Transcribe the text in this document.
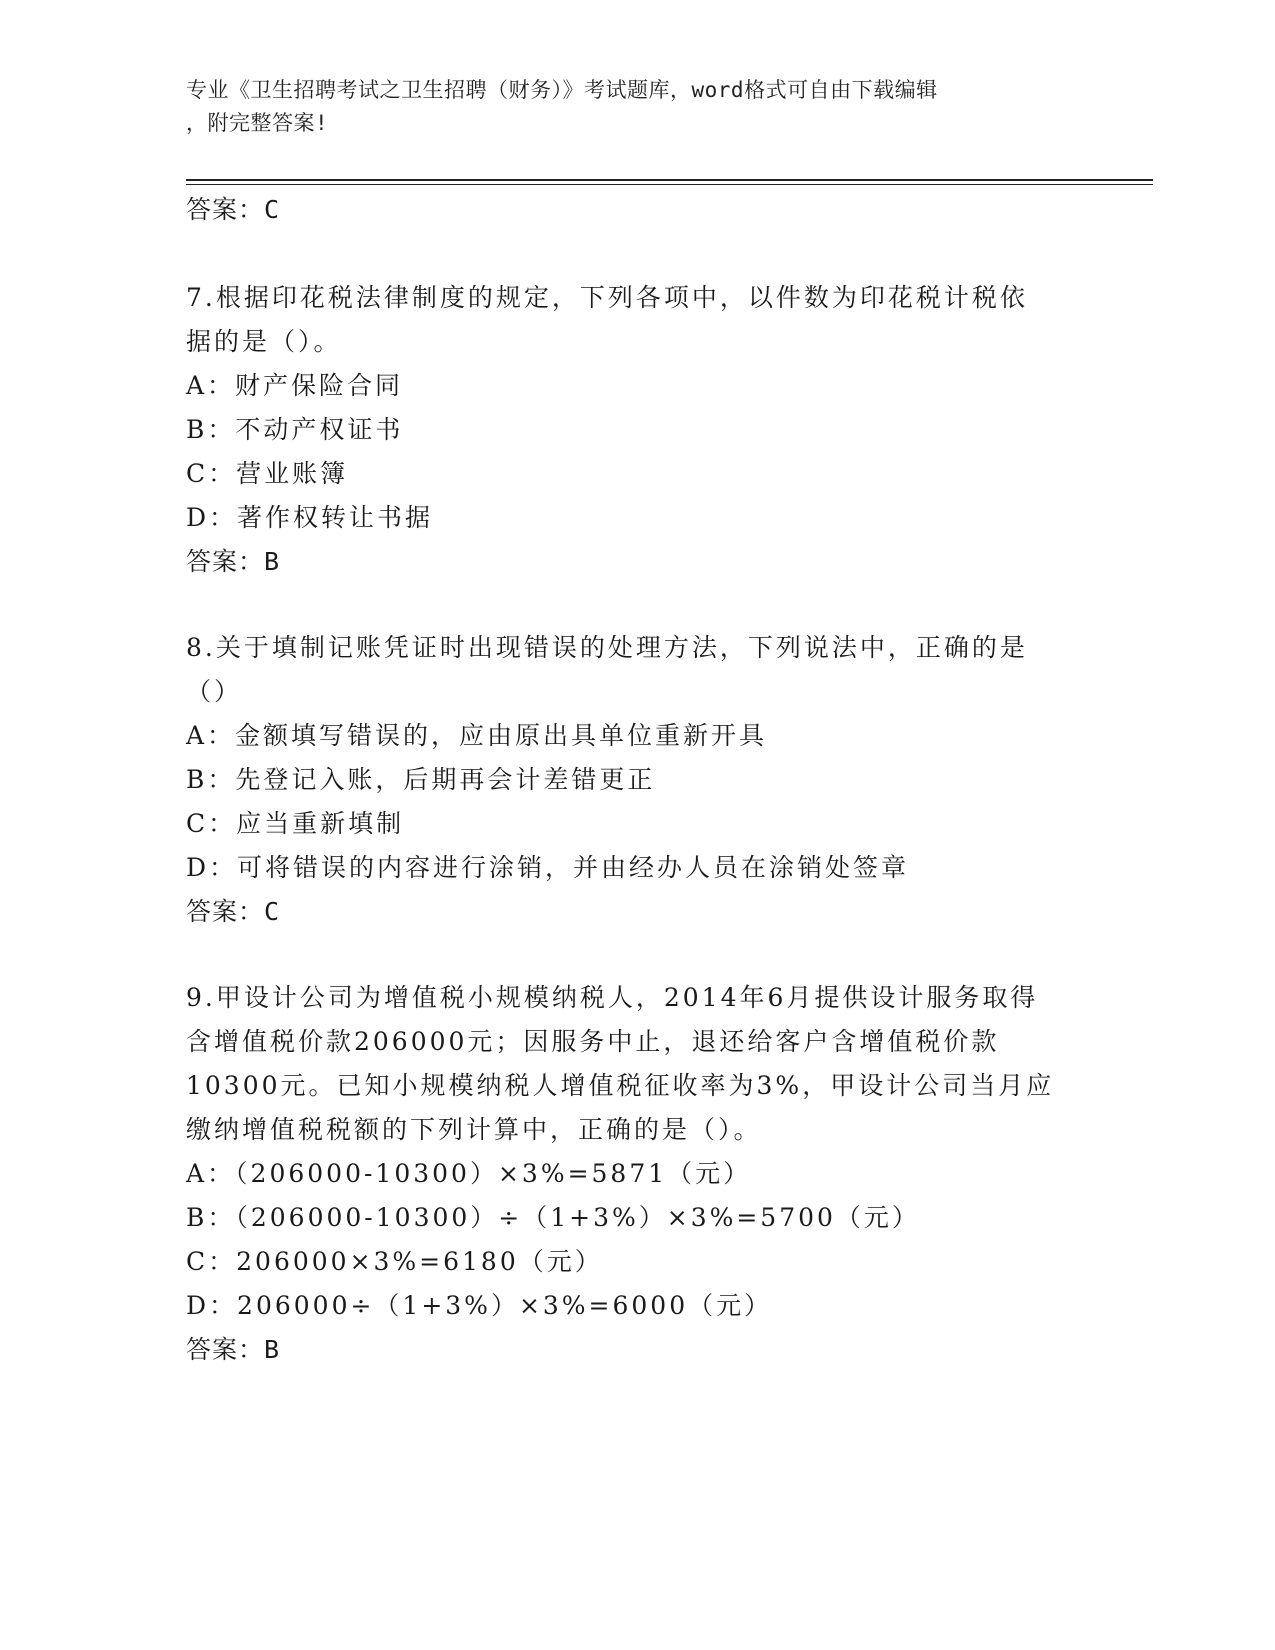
专业《卫生招聘考试之卫生招聘（财务）》考试题库，word格式可自由下载编辑
，附完整答案!
答案：C
7.根据印花税法律制度的规定，下列各项中，以件数为印花税计税依
据的是（）。
A：财产保险合同
B：不动产权证书
C：营业账簿
D：著作权转让书据
答案：B
8.关于填制记账凭证时出现错误的处理方法，下列说法中，正确的是
（）
A：金额填写错误的，应由原出具单位重新开具
B：先登记入账，后期再会计差错更正
C：应当重新填制
D：可将错误的内容进行涂销，并由经办人员在涂销处签章
答案：C
9.甲设计公司为增值税小规模纳税人，2014年6月提供设计服务取得
含增值税价款206000元；因服务中止，退还给客户含增值税价款
10300元。已知小规模纳税人增值税征收率为3%，甲设计公司当月应
缴纳增值税税额的下列计算中，正确的是（）。
A：（206000-10300）×3%=5871（元）
B：（206000-10300）÷（1+3%）×3%=5700（元）
C：206000×3%=6180（元）
D：206000÷（1+3%）×3%=6000（元）
答案：B
